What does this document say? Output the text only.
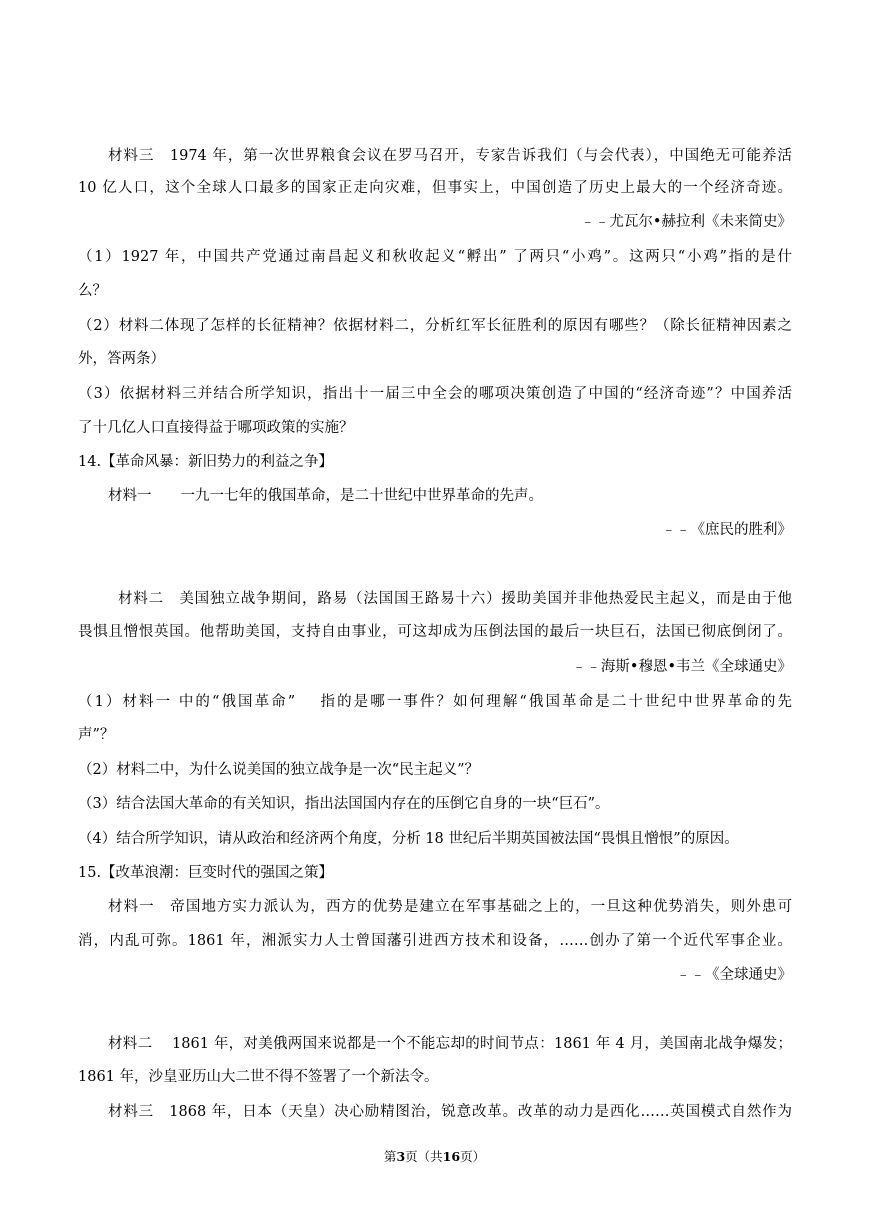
材料三　1974 年，第一次世界粮食会议在罗马召开，专家告诉我们（与会代表），中国绝无可能养活
10 亿人口，这个全球人口最多的国家正走向灾难，但事实上，中国创造了历史上最大的一个经济奇迹。
﹣﹣尤瓦尔•赫拉利《未来简史》
（1）1927 年，中国共产党通过南昌起义和秋收起义“孵出” 了两只“小鸡”。这两只“小鸡”指的是什
么？
（2）材料二体现了怎样的长征精神？依据材料二，分析红军长征胜利的原因有哪些？（除长征精神因素之
外，答两条）
（3）依据材料三并结合所学知识，指出十一届三中全会的哪项决策创造了中国的“经济奇迹”？中国养活
了十几亿人口直接得益于哪项政策的实施？
14.【革命风暴：新旧势力的利益之争】
材料一　　一九一七年的俄国革命，是二十世纪中世界革命的先声。
﹣﹣《庶民的胜利》
材料二　美国独立战争期间，路易（法国国王路易十六）援助美国并非他热爱民主起义，而是由于他
畏惧且憎恨英国。他帮助美国，支持自由事业，可这却成为压倒法国的最后一块巨石，法国已彻底倒闭了。
﹣﹣海斯•穆恩•韦兰《全球通史》
（1）材料一 中的“俄国革命”　 指的是哪一事件？如何理解“俄国革命是二十世纪中世界革命的先
声”？
（2）材料二中，为什么说美国的独立战争是一次“民主起义”？
（3）结合法国大革命的有关知识，指出法国国内存在的压倒它自身的一块“巨石”。
（4）结合所学知识，请从政治和经济两个角度，分析 18 世纪后半期英国被法国“畏惧且憎恨”的原因。
15.【改革浪潮：巨变时代的强国之策】
材料一　帝国地方实力派认为，西方的优势是建立在军事基础之上的，一旦这种优势消失，则外患可
消，内乱可弥。1861 年，湘派实力人士曾国藩引进西方技术和设备，……创办了第一个近代军事企业。
﹣﹣《全球通史》
材料二　 1861 年，对美俄两国来说都是一个不能忘却的时间节点：1861 年 4 月，美国南北战争爆发；
1861 年，沙皇亚历山大二世不得不签署了一个新法令。
材料三　1868 年，日本（天皇）决心励精图治，锐意改革。改革的动力是西化……英国模式自然作为
第3页（共16页）
